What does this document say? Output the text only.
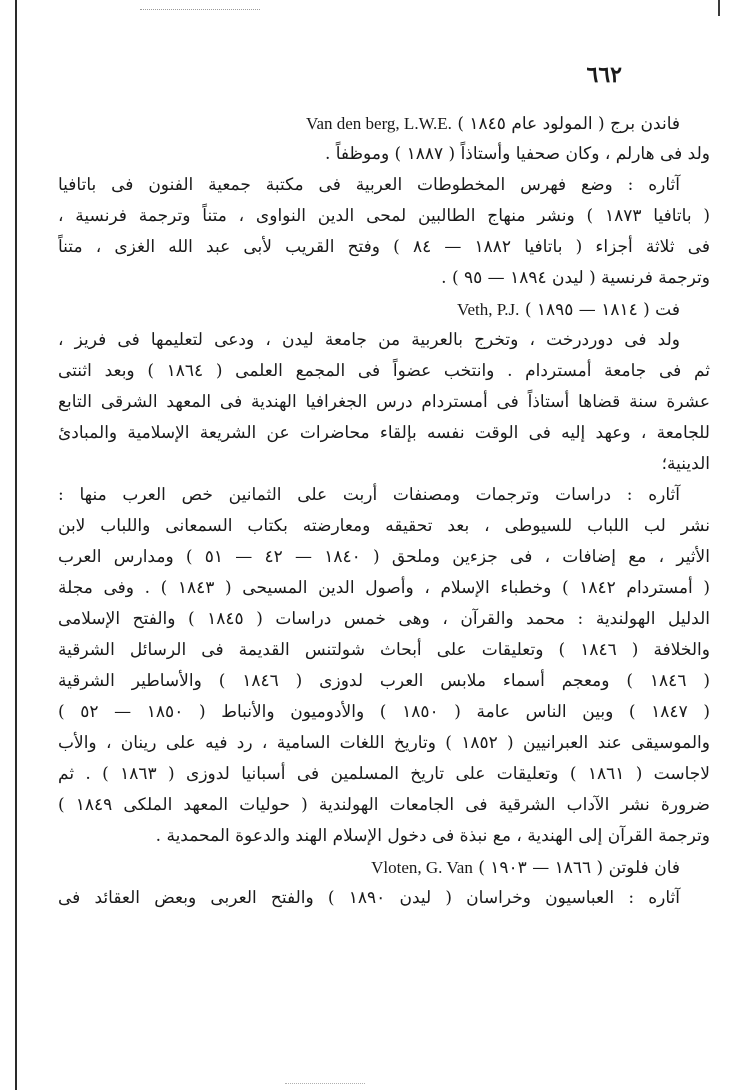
٦٦٢
فاندن برج ( المولود عام ١٨٤٥ ) Van den berg, L.W.E.
ولد فى هارلم ، وكان صحفيا وأستاذاً ( ١٨٨٧ ) وموظفاً .
آثاره : وضع فهرس المخطوطات العربية فى مكتبة جمعية الفنون فى باتافيا
( باتافيا ١٨٧٣ ) ونشر منهاج الطالبين لمحى الدين النواوى ، متناً وترجمة فرنسية ،
فى ثلاثة أجزاء ( باتافيا ١٨٨٢ — ٨٤ ) وفتح القريب لأبى عبد الله الغزى ، متناً
وترجمة فرنسية ( ليدن ١٨٩٤ — ٩٥ ) .
فت ( ١٨١٤ — ١٨٩٥ ) Veth, P.J.
ولد فى دوردرخت ، وتخرج بالعربية من جامعة ليدن ، ودعى لتعليمها فى فريز ،
ثم فى جامعة أمستردام . وانتخب عضواً فى المجمع العلمى ( ١٨٦٤ ) وبعد اثنتى
عشرة سنة قضاها أستاذاً فى أمستردام درس الجغرافيا الهندية فى المعهد الشرقى التابع
للجامعة ، وعهد إليه فى الوقت نفسه بإلقاء محاضرات عن الشريعة الإسلامية والمبادئ
الدينية؛
آثاره : دراسات وترجمات ومصنفات أربت على الثمانين خص العرب منها :
نشر لب اللباب للسيوطى ، بعد تحقيقه ومعارضته بكتاب السمعانى واللباب لابن
الأثير ، مع إضافات ، فى جزءين وملحق ( ١٨٤٠ — ٤٢ — ٥١ ) ومدارس العرب
( أمستردام ١٨٤٢ ) وخطباء الإسلام ، وأصول الدين المسيحى ( ١٨٤٣ ) . وفى مجلة
الدليل الهولندية : محمد والقرآن ، وهى خمس دراسات ( ١٨٤٥ ) والفتح الإسلامى
والخلافة ( ١٨٤٦ ) وتعليقات على أبحاث شولتنس القديمة فى الرسائل الشرقية
( ١٨٤٦ ) ومعجم أسماء ملابس العرب لدوزى ( ١٨٤٦ ) والأساطير الشرقية
( ١٨٤٧ ) وبين الناس عامة ( ١٨٥٠ ) والأدوميون والأنباط ( ١٨٥٠ — ٥٢ )
والموسيقى عند العبرانيين ( ١٨٥٢ ) وتاريخ اللغات السامية ، رد فيه على رينان ، والأب
لاجاست ( ١٨٦١ ) وتعليقات على تاريخ المسلمين فى أسبانيا لدوزى ( ١٨٦٣ ) . ثم
ضرورة نشر الآداب الشرقية فى الجامعات الهولندية ( حوليات المعهد الملكى ١٨٤٩ )
وترجمة القرآن إلى الهندية ، مع نبذة فى دخول الإسلام الهند والدعوة المحمدية .
فان فلوتن ( ١٨٦٦ — ١٩٠٣ ) Vloten, G. Van
آثاره : العباسيون وخراسان ( ليدن ١٨٩٠ ) والفتح العربى وبعض العقائد فى
